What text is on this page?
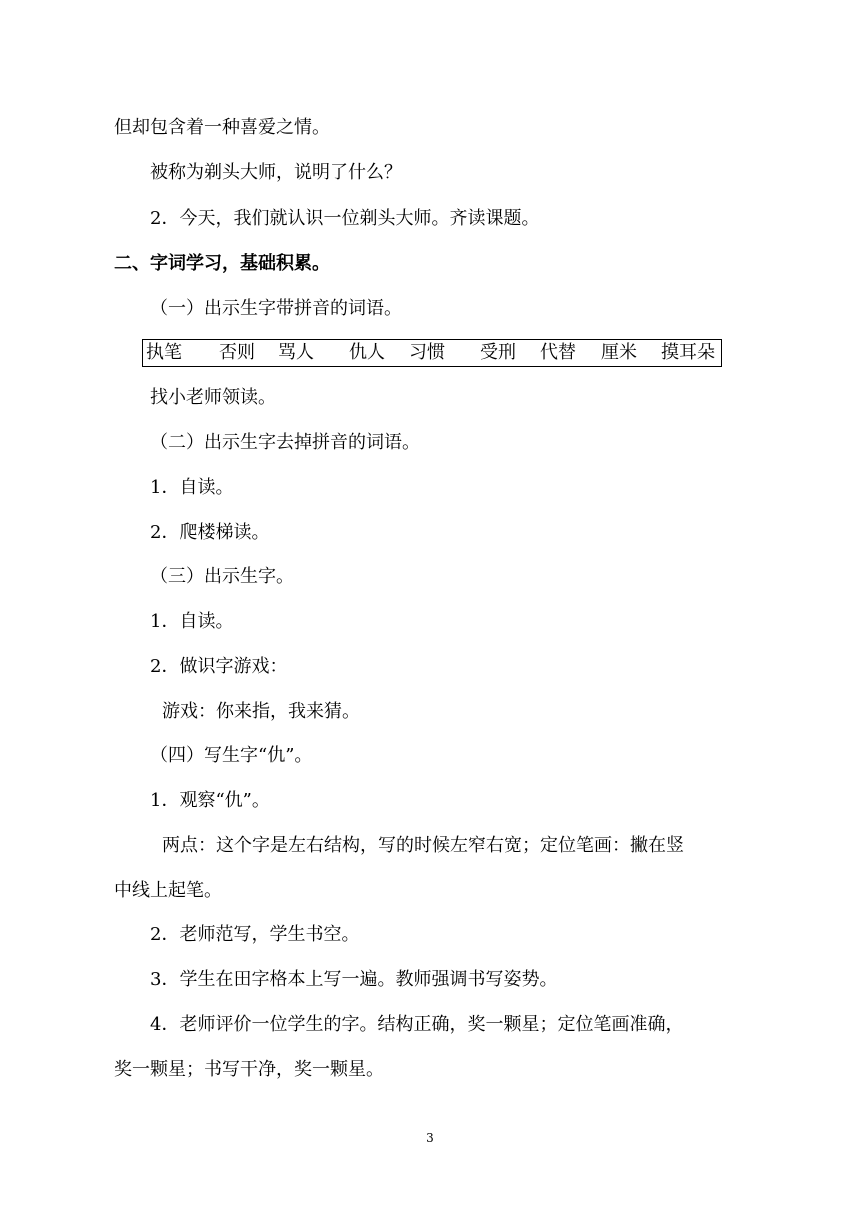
但却包含着一种喜爱之情。
被称为剃头大师，说明了什么？
2．今天，我们就认识一位剃头大师。齐读课题。
二、字词学习，基础积累。
（一）出示生字带拼音的词语。
执笔 否则 骂人 仇人 习惯 受刑 代替 厘米 摸耳朵
找小老师领读。
（二）出示生字去掉拼音的词语。
1．自读。
2．爬楼梯读。
（三）出示生字。
1．自读。
2．做识字游戏：
游戏：你来指，我来猜。
（四）写生字“仇”。
1．观察“仇”。
两点：这个字是左右结构，写的时候左窄右宽；定位笔画：撇在竖
中线上起笔。
2．老师范写，学生书空。
3．学生在田字格本上写一遍。教师强调书写姿势。
4．老师评价一位学生的字。结构正确，奖一颗星；定位笔画准确，
奖一颗星；书写干净，奖一颗星。
3
